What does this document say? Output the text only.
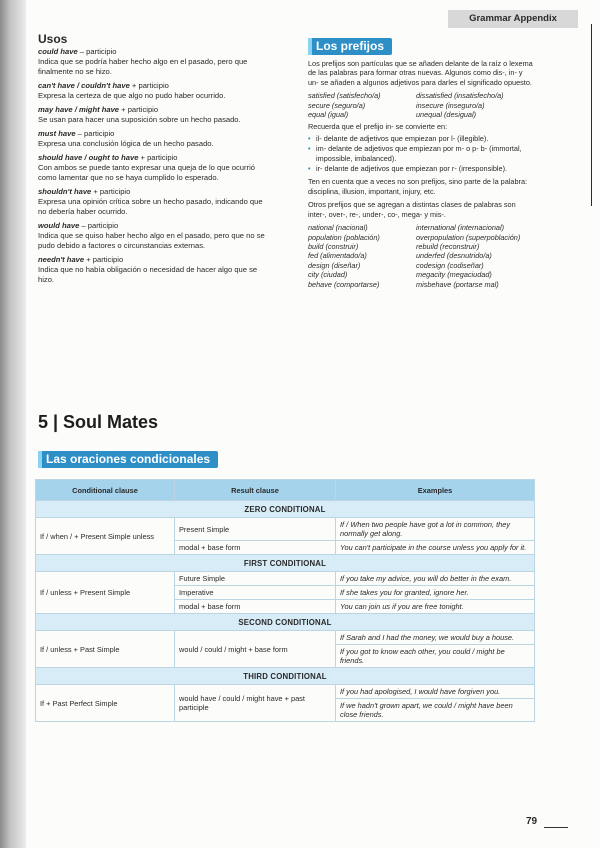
Grammar Appendix
Usos
could have – participio
Indica que se podría haber hecho algo en el pasado, pero que finalmente no se hizo.
can't have / couldn't have + participio
Expresa la certeza de que algo no pudo haber ocurrido.
may have / might have + participio
Se usan para hacer una suposición sobre un hecho pasado.
must have – participio
Expresa una conclusión lógica de un hecho pasado.
should have / ought to have + participio
Con ambos se puede tanto expresar una queja de lo que ocurrió como lamentar que no se haya cumplido lo esperado.
shouldn't have + participio
Expresa una opinión crítica sobre un hecho pasado, indicando que no debería haber ocurrido.
would have – participio
Indica que se quiso haber hecho algo en el pasado, pero que no se pudo debido a factores o circunstancias externas.
needn't have + participio
Indica que no había obligación o necesidad de hacer algo que se hizo.
Los prefijos

Los prefijos son partículas que se añaden delante de la raíz o lexema de las palabras para formar otras nuevas. Algunos como dis-, in- y un- se añaden a algunos adjetivos para darles el significado opuesto.

satisfied (satisfecho/a)	dissatisfied (insatisfecho/a)
secure (seguro/a)	insecure (inseguro/a)
equal (igual)	unequal (desigual)

Recuerda que el prefijo in- se convierte en:

• il- delante de adjetivos que empiezan por l- (illegible).
• im- delante de adjetivos que empiezan por m- o p- b- (immortal, impossible, imbalanced).
• ir- delante de adjetivos que empiezan por r- (irresponsible).

Ten en cuenta que a veces no son prefijos, sino parte de la palabra: disciplina, illusion, important, injury, etc.

Otros prefijos que se agregan a distintas clases de palabras son inter-, over-, re-, under-, co-, mega- y mis-.

national (nacional)	international (internacional)
population (población)	overpopulation (superpoblación)
build (construir)	rebuild (reconstruir)
fed (alimentado/a)	underfed (desnutrido/a)
design (diseñar)	codesign (codiseñar)
city (ciudad)	megacity (megaciudad)
behave (comportarse)	misbehave (portarse mal)
5 | Soul Mates
Las oraciones condicionales
Conditional clause	Result clause	Examples
ZERO CONDITIONAL		
If / when / + Present Simple unless	Present Simple	If / When two people have got a lot in common, they normally get along.
	modal + base form	You can't participate in the course unless you apply for it.
FIRST CONDITIONAL		
If / unless + Present Simple	Future Simple	If you take my advice, you will do better in the exam.
	Imperative	If she takes you for granted, ignore her.
	modal + base form	You can join us if you are free tonight.
SECOND CONDITIONAL		
If / unless + Past Simple	would / could / might + base form	If Sarah and I had the money, we would buy a house.
		If you got to know each other, you could / might be friends.
THIRD CONDITIONAL		
If + Past Perfect Simple	would have / could / might have + past participle	If you had apologised, I would have forgiven you.
		If we hadn't grown apart, we could / might have been close friends.
79
